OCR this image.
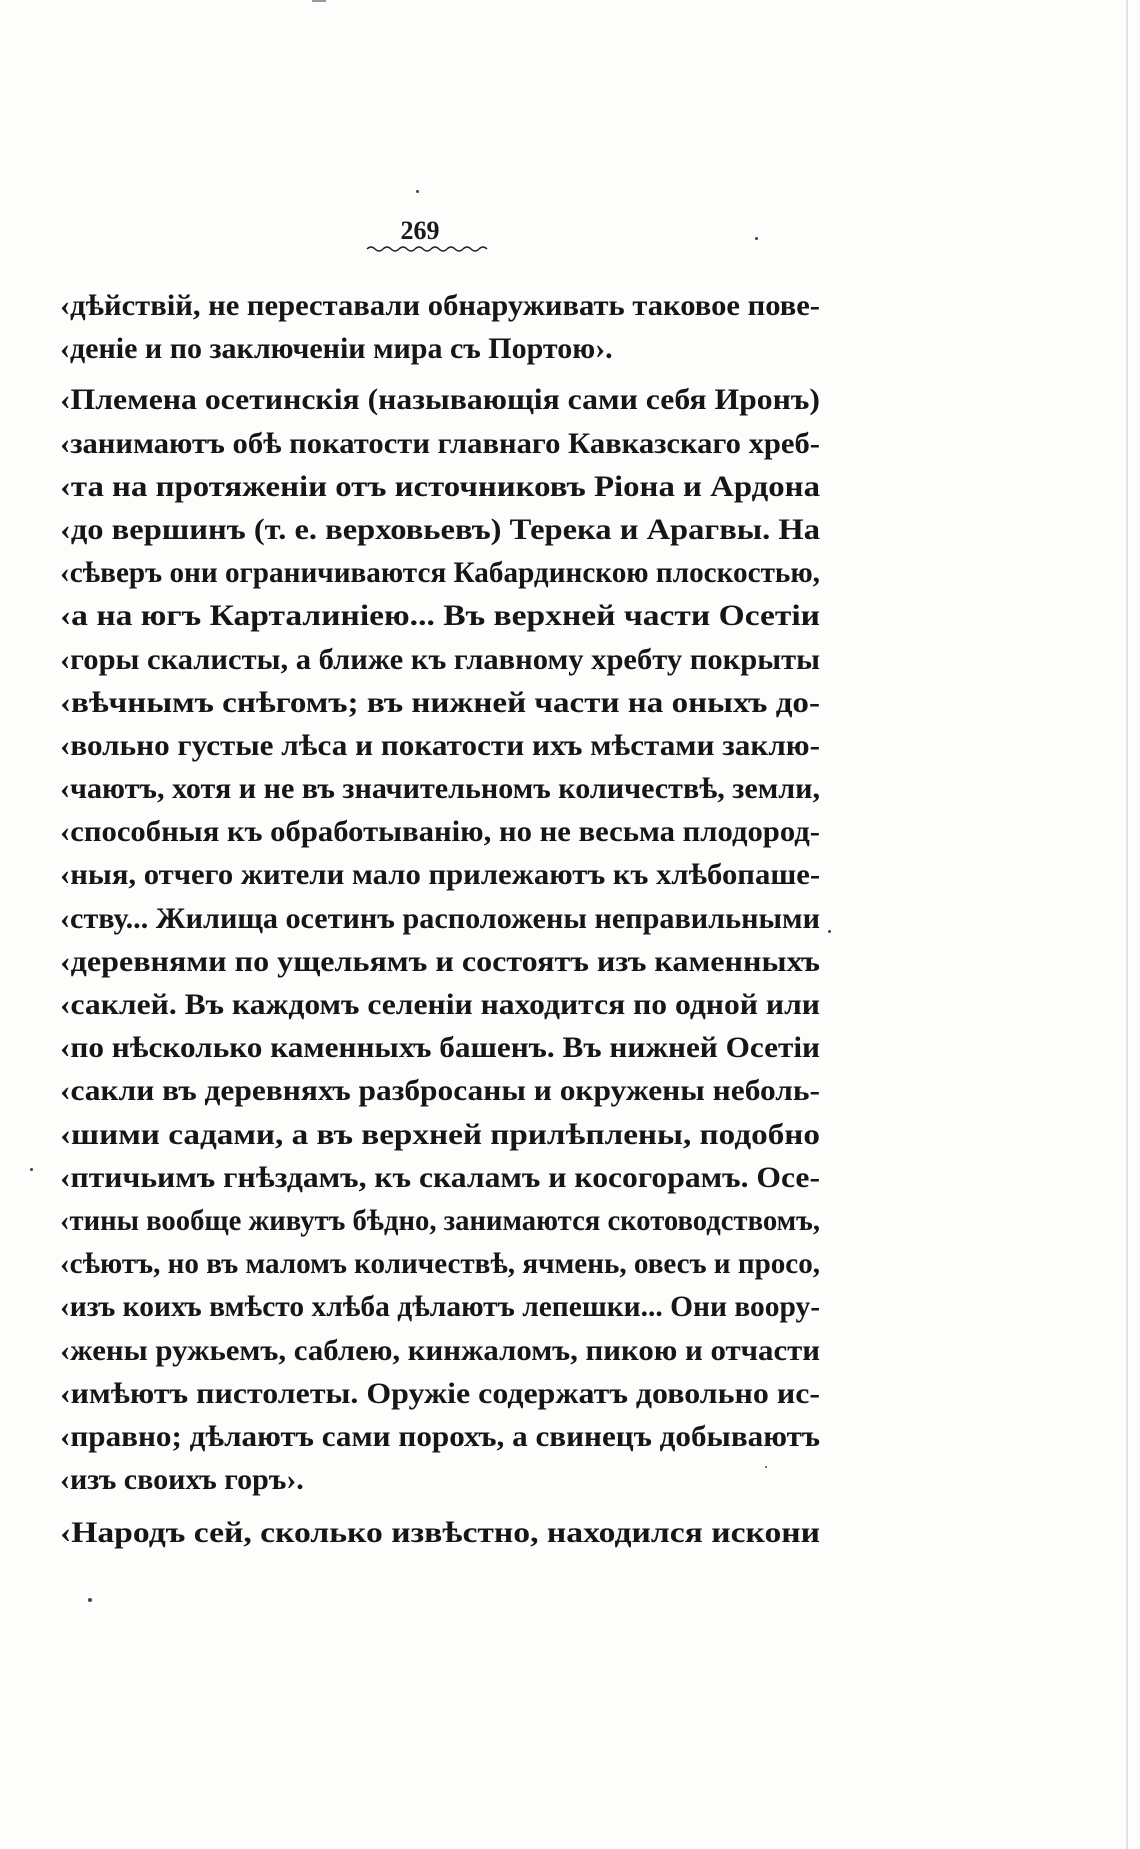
269
‹дѣйствій, не переставали обнаруживать таковое пове-
‹деніе и по заключеніи мира съ Портою›.
‹Племена осетинскія (называющія сами себя Иронъ)
‹занимаютъ обѣ покатости главнаго Кавказскаго хреб-
‹та на протяженіи отъ источниковъ Ріона и Ардона
‹до вершинъ (т. е. верховьевъ) Терека и Арагвы. На
‹сѣверъ они ограничиваются Кабардинскою плоскостью,
‹а на югъ Карталиніею... Въ верхней части Осетіи
‹горы скалисты, а ближе къ главному хребту покрыты
‹вѣчнымъ снѣгомъ; въ нижней части на оныхъ до-
‹вольно густые лѣса и покатости ихъ мѣстами заклю-
‹чаютъ, хотя и не въ значительномъ количествѣ, земли,
‹способныя къ обработыванію, но не весьма плодород-
‹ныя, отчего жители мало прилежаютъ къ хлѣбопаше-
‹ству... Жилища осетинъ расположены неправильными
‹деревнями по ущельямъ и состоятъ изъ каменныхъ
‹саклей. Въ каждомъ селеніи находится по одной или
‹по нѣсколько каменныхъ башенъ. Въ нижней Осетіи
‹сакли въ деревняхъ разбросаны и окружены неболь-
‹шими садами, а въ верхней прилѣплены, подобно
‹птичьимъ гнѣздамъ, къ скаламъ и косогорамъ. Осе-
‹тины вообще живутъ бѣдно, занимаются скотоводствомъ,
‹сѣютъ, но въ маломъ количествѣ, ячмень, овесъ и просо,
‹изъ коихъ вмѣсто хлѣба дѣлаютъ лепешки... Они воору-
‹жены ружьемъ, саблею, кинжаломъ, пикою и отчасти
‹имѣютъ пистолеты. Оружіе содержатъ довольно ис-
‹правно; дѣлаютъ сами порохъ, а свинецъ добываютъ
‹изъ своихъ горъ›.
‹Народъ сей, сколько извѣстно, находился искони
